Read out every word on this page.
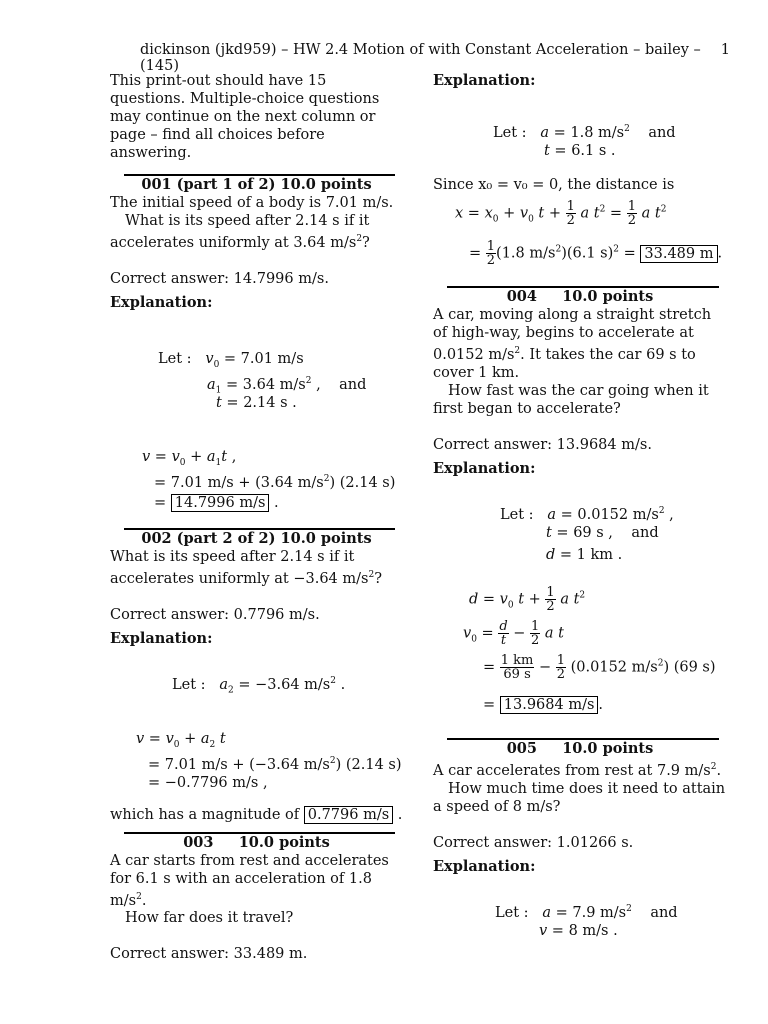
dickinson (jkd959) – HW 2.4 Motion of with Constant Acceleration – bailey – (145)
1

This print-out should have 15 questions. Multiple-choice questions may continue on the next column or page – find all choices before answering.

001 (part 1 of 2) 10.0 points

The initial speed of a body is 7.01 m/s.

What is its speed after 2.14 s if it accelerates uniformly at 3.64 $m/s^2$?

Correct answer: 14.7996 m/s.

Explanation:

Let : $v_0 = 7.01$ m/s
$a_1 = 3.64$ $m/s^2$ ,    and
t = 2.14 s .
$v = v_0 + a_1t$ ,
= 7.01 m/s + (3.64 $m/s^2$) (2.14 s)
= 14.7996 m/s .
002 (part 2 of 2) 10.0 points

What is its speed after 2.14 s if it accelerates uniformly at −3.64 $m/s^2$?

Correct answer: 0.7796 m/s.

Explanation:

Let : $a_2 = -3.64$ $m/s^2$ .
$v = v_0 + a_2$ t
= 7.01 m/s + (−3.64 $m/s^2$) (2.14 s)
= −0.7796 m/s ,

which has a magnitude of 0.7796 m/s .

003     10.0 points

A car starts from rest and accelerates for 6.1 s with an acceleration of 1.8 $m/s^2$.

How far does it travel?

Correct answer: 33.489 m.

Explanation:

Let : a = 1.8 $m/s^2$ and
t = 6.1 s .

Since x₀ = v₀ = 0, the distance is

$x = x_0 + v_0$ $t + \frac{1}{2}$ a $t^2 = \frac{1}{2}$ a $t^2$
= $\frac{1}{2} (1.8$ $m/s^2)(6.1$ s)$^2$ = 33.489 m .
004     10.0 points

A car, moving along a straight stretch of high-way, begins to accelerate at 0.0152 $m/s^2$. It takes the car 69 s to cover 1 km.

How fast was the car going when it first began to accelerate?

Correct answer: 13.9684 m/s.

Explanation:

Let : a = 0.0152 $m/s^2$ ,
t = 69 s ,    and
d = 1 km .
$d = v_0$ $t + \frac{1}{2}$ a $t^2$
$v_0 = \frac{d}{t} - \frac{1}{2}$ a t
= $\frac{1 km}{69 s} - \frac{1}{2} (0.0152$ $m/s^2$) (69 s)
= 13.9684 m/s .
005     10.0 points

A car accelerates from rest at 7.9 $m/s^2$.

How much time does it need to attain a speed of 8 m/s?

Correct answer: 1.01266 s.

Explanation:

Let : a = 7.9 $m/s^2$ and
v = 8 m/s .
